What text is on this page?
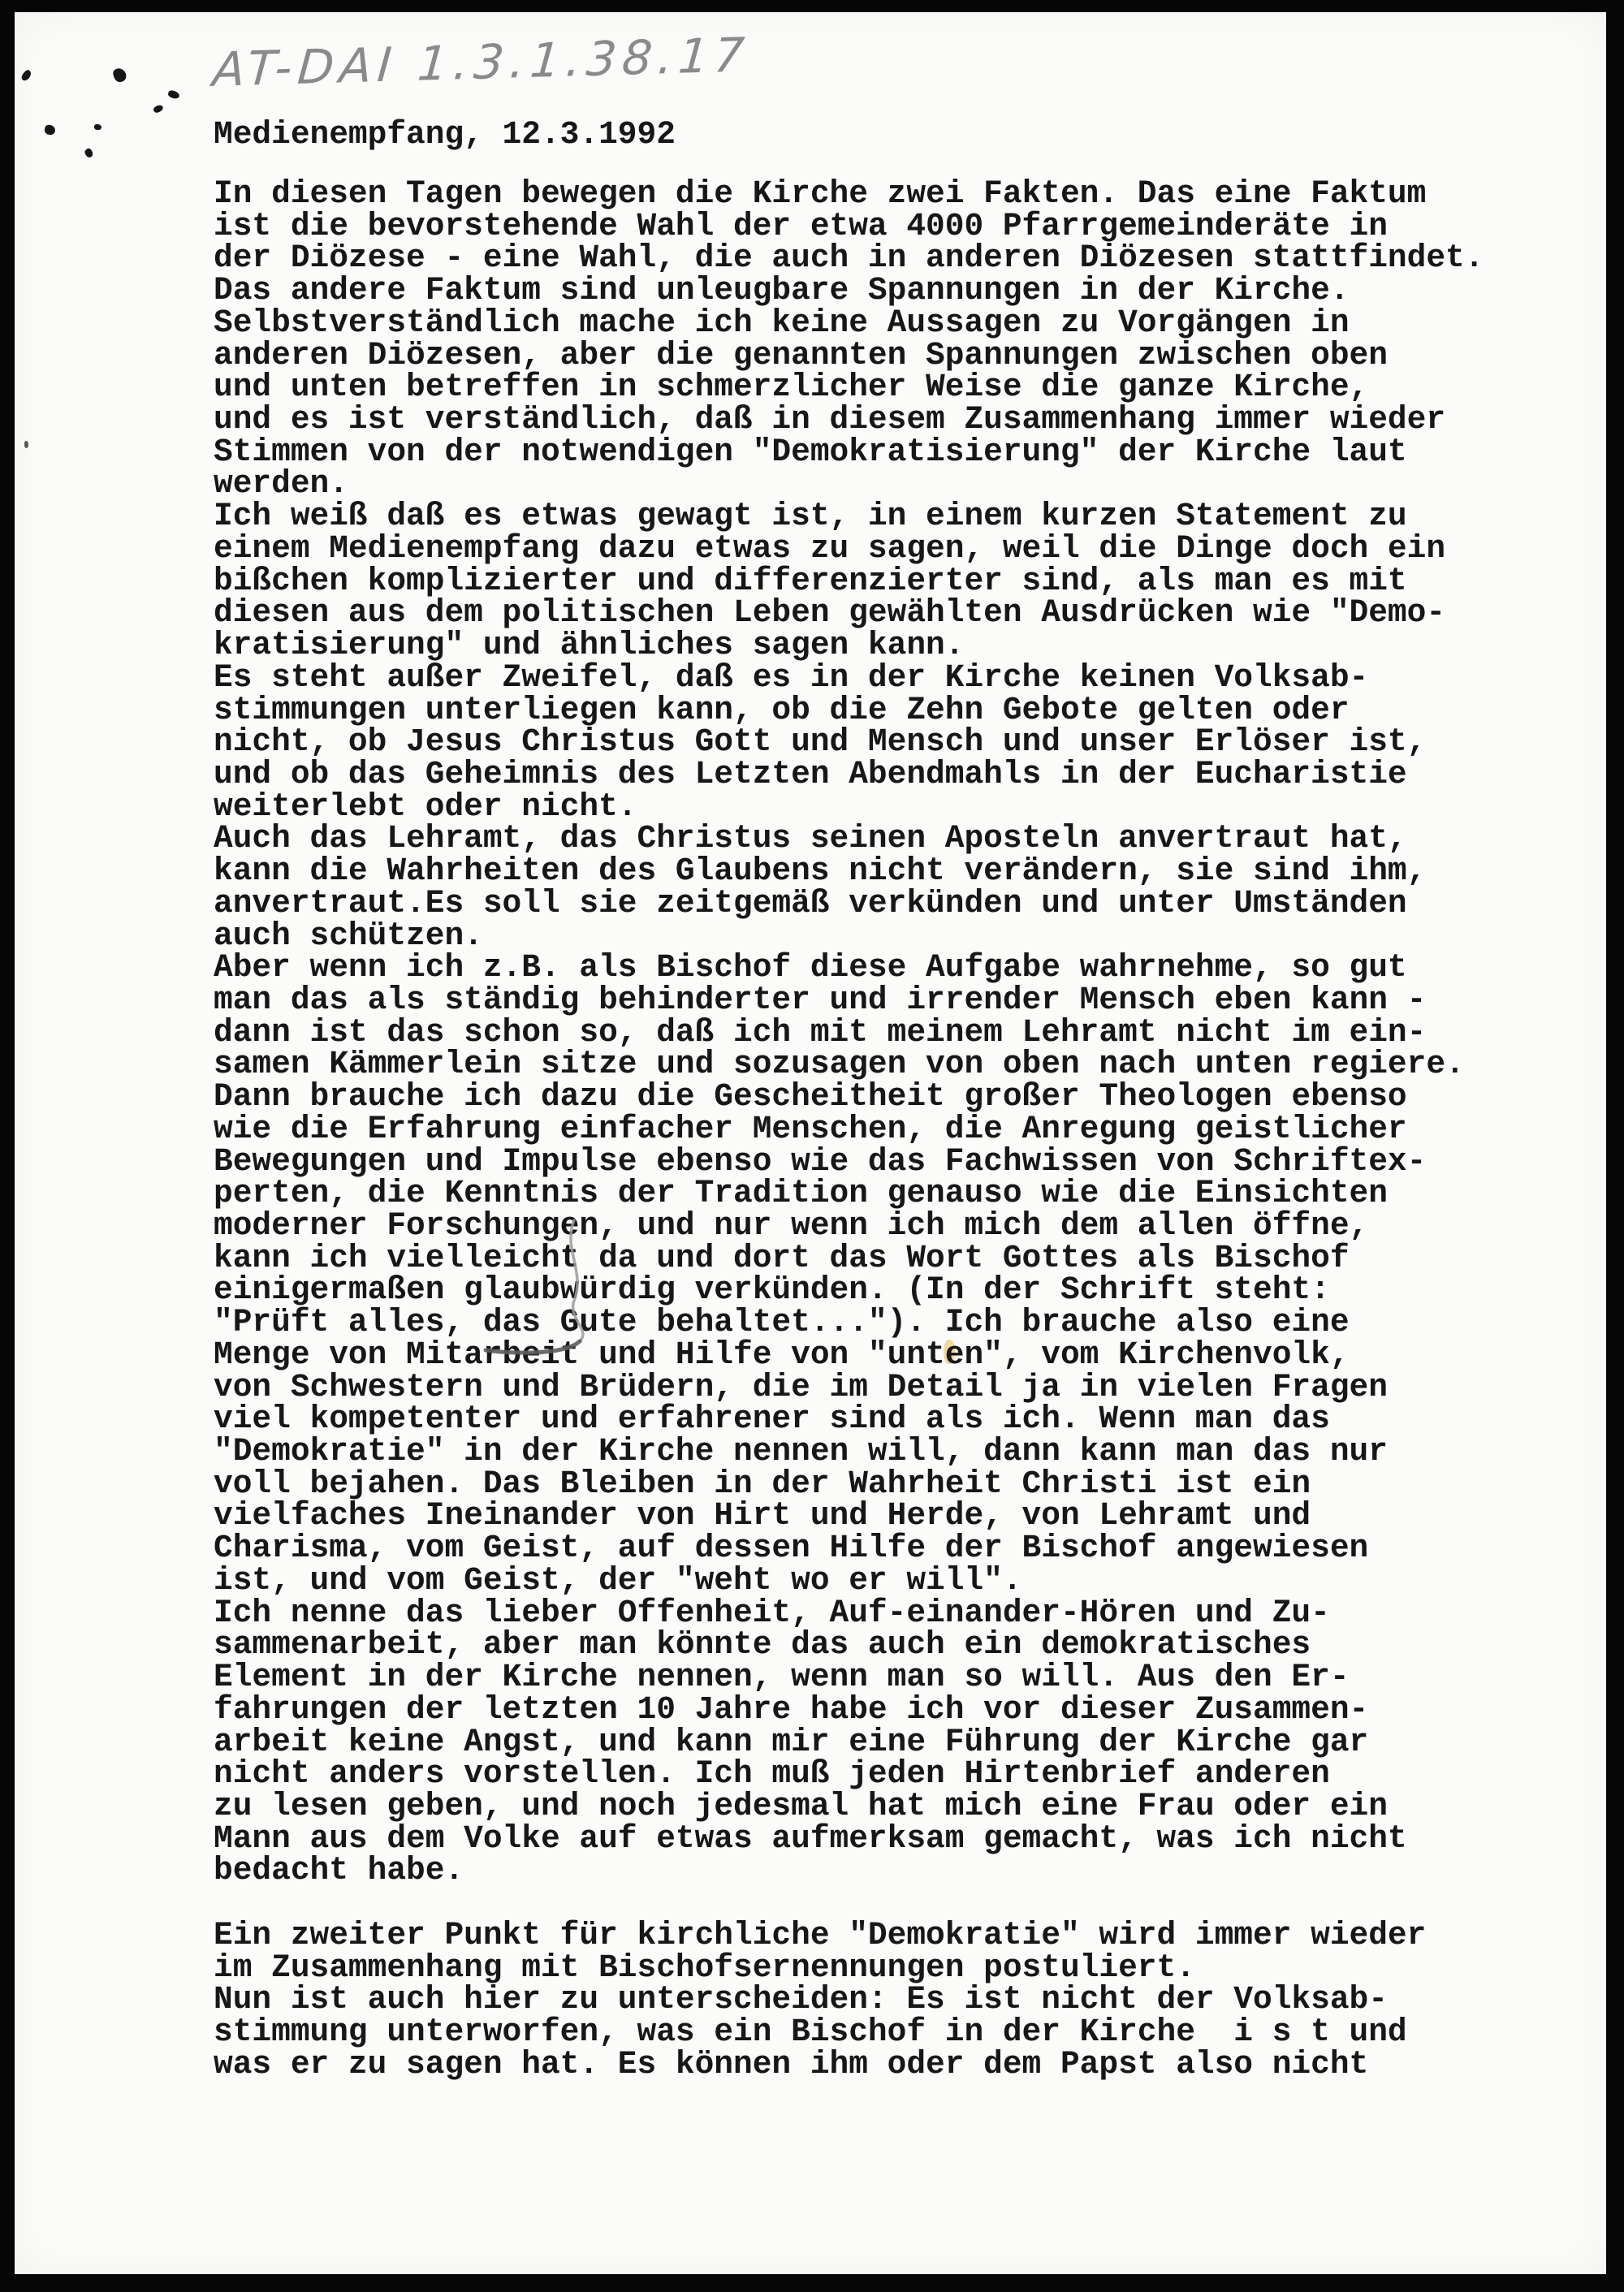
AT-DAI 1.3.1.38.17
Medienempfang, 12.3.1992
In diesen Tagen bewegen die Kirche zwei Fakten. Das eine Faktum
ist die bevorstehende Wahl der etwa 4000 Pfarrgemeinderäte in
der Diözese - eine Wahl, die auch in anderen Diözesen stattfindet.
Das andere Faktum sind unleugbare Spannungen in der Kirche.
Selbstverständlich mache ich keine Aussagen zu Vorgängen in
anderen Diözesen, aber die genannten Spannungen zwischen oben
und unten betreffen in schmerzlicher Weise die ganze Kirche,
und es ist verständlich, daß in diesem Zusammenhang immer wieder
Stimmen von der notwendigen "Demokratisierung" der Kirche laut
werden.
Ich weiß daß es etwas gewagt ist, in einem kurzen Statement zu
einem Medienempfang dazu etwas zu sagen, weil die Dinge doch ein
bißchen komplizierter und differenzierter sind, als man es mit
diesen aus dem politischen Leben gewählten Ausdrücken wie "Demo-
kratisierung" und ähnliches sagen kann.
Es steht außer Zweifel, daß es in der Kirche keinen Volksab-
stimmungen unterliegen kann, ob die Zehn Gebote gelten oder
nicht, ob Jesus Christus Gott und Mensch und unser Erlöser ist,
und ob das Geheimnis des Letzten Abendmahls in der Eucharistie
weiterlebt oder nicht.
Auch das Lehramt, das Christus seinen Aposteln anvertraut hat,
kann die Wahrheiten des Glaubens nicht verändern, sie sind ihm,
anvertraut.Es soll sie zeitgemäß verkünden und unter Umständen
auch schützen.
Aber wenn ich z.B. als Bischof diese Aufgabe wahrnehme, so gut
man das als ständig behinderter und irrender Mensch eben kann -
dann ist das schon so, daß ich mit meinem Lehramt nicht im ein-
samen Kämmerlein sitze und sozusagen von oben nach unten regiere.
Dann brauche ich dazu die Gescheitheit großer Theologen ebenso
wie die Erfahrung einfacher Menschen, die Anregung geistlicher
Bewegungen und Impulse ebenso wie das Fachwissen von Schriftex-
perten, die Kenntnis der Tradition genauso wie die Einsichten
moderner Forschungen, und nur wenn ich mich dem allen öffne,
kann ich vielleicht da und dort das Wort Gottes als Bischof
einigermaßen glaubwürdig verkünden. (In der Schrift steht:
"Prüft alles, das Gute behaltet..."). Ich brauche also eine
Menge von Mitarbeit und Hilfe von "unten", vom Kirchenvolk,
von Schwestern und Brüdern, die im Detail ja in vielen Fragen
viel kompetenter und erfahrener sind als ich. Wenn man das
"Demokratie" in der Kirche nennen will, dann kann man das nur
voll bejahen. Das Bleiben in der Wahrheit Christi ist ein
vielfaches Ineinander von Hirt und Herde, von Lehramt und
Charisma, vom Geist, auf dessen Hilfe der Bischof angewiesen
ist, und vom Geist, der "weht wo er will".
Ich nenne das lieber Offenheit, Auf-einander-Hören und Zu-
sammenarbeit, aber man könnte das auch ein demokratisches
Element in der Kirche nennen, wenn man so will. Aus den Er-
fahrungen der letzten 10 Jahre habe ich vor dieser Zusammen-
arbeit keine Angst, und kann mir eine Führung der Kirche gar
nicht anders vorstellen. Ich muß jeden Hirtenbrief anderen
zu lesen geben, und noch jedesmal hat mich eine Frau oder ein
Mann aus dem Volke auf etwas aufmerksam gemacht, was ich nicht
bedacht habe.

Ein zweiter Punkt für kirchliche "Demokratie" wird immer wieder
im Zusammenhang mit Bischofsernennungen postuliert.
Nun ist auch hier zu unterscheiden: Es ist nicht der Volksab-
stimmung unterworfen, was ein Bischof in der Kirche  i s t und
was er zu sagen hat. Es können ihm oder dem Papst also nicht
